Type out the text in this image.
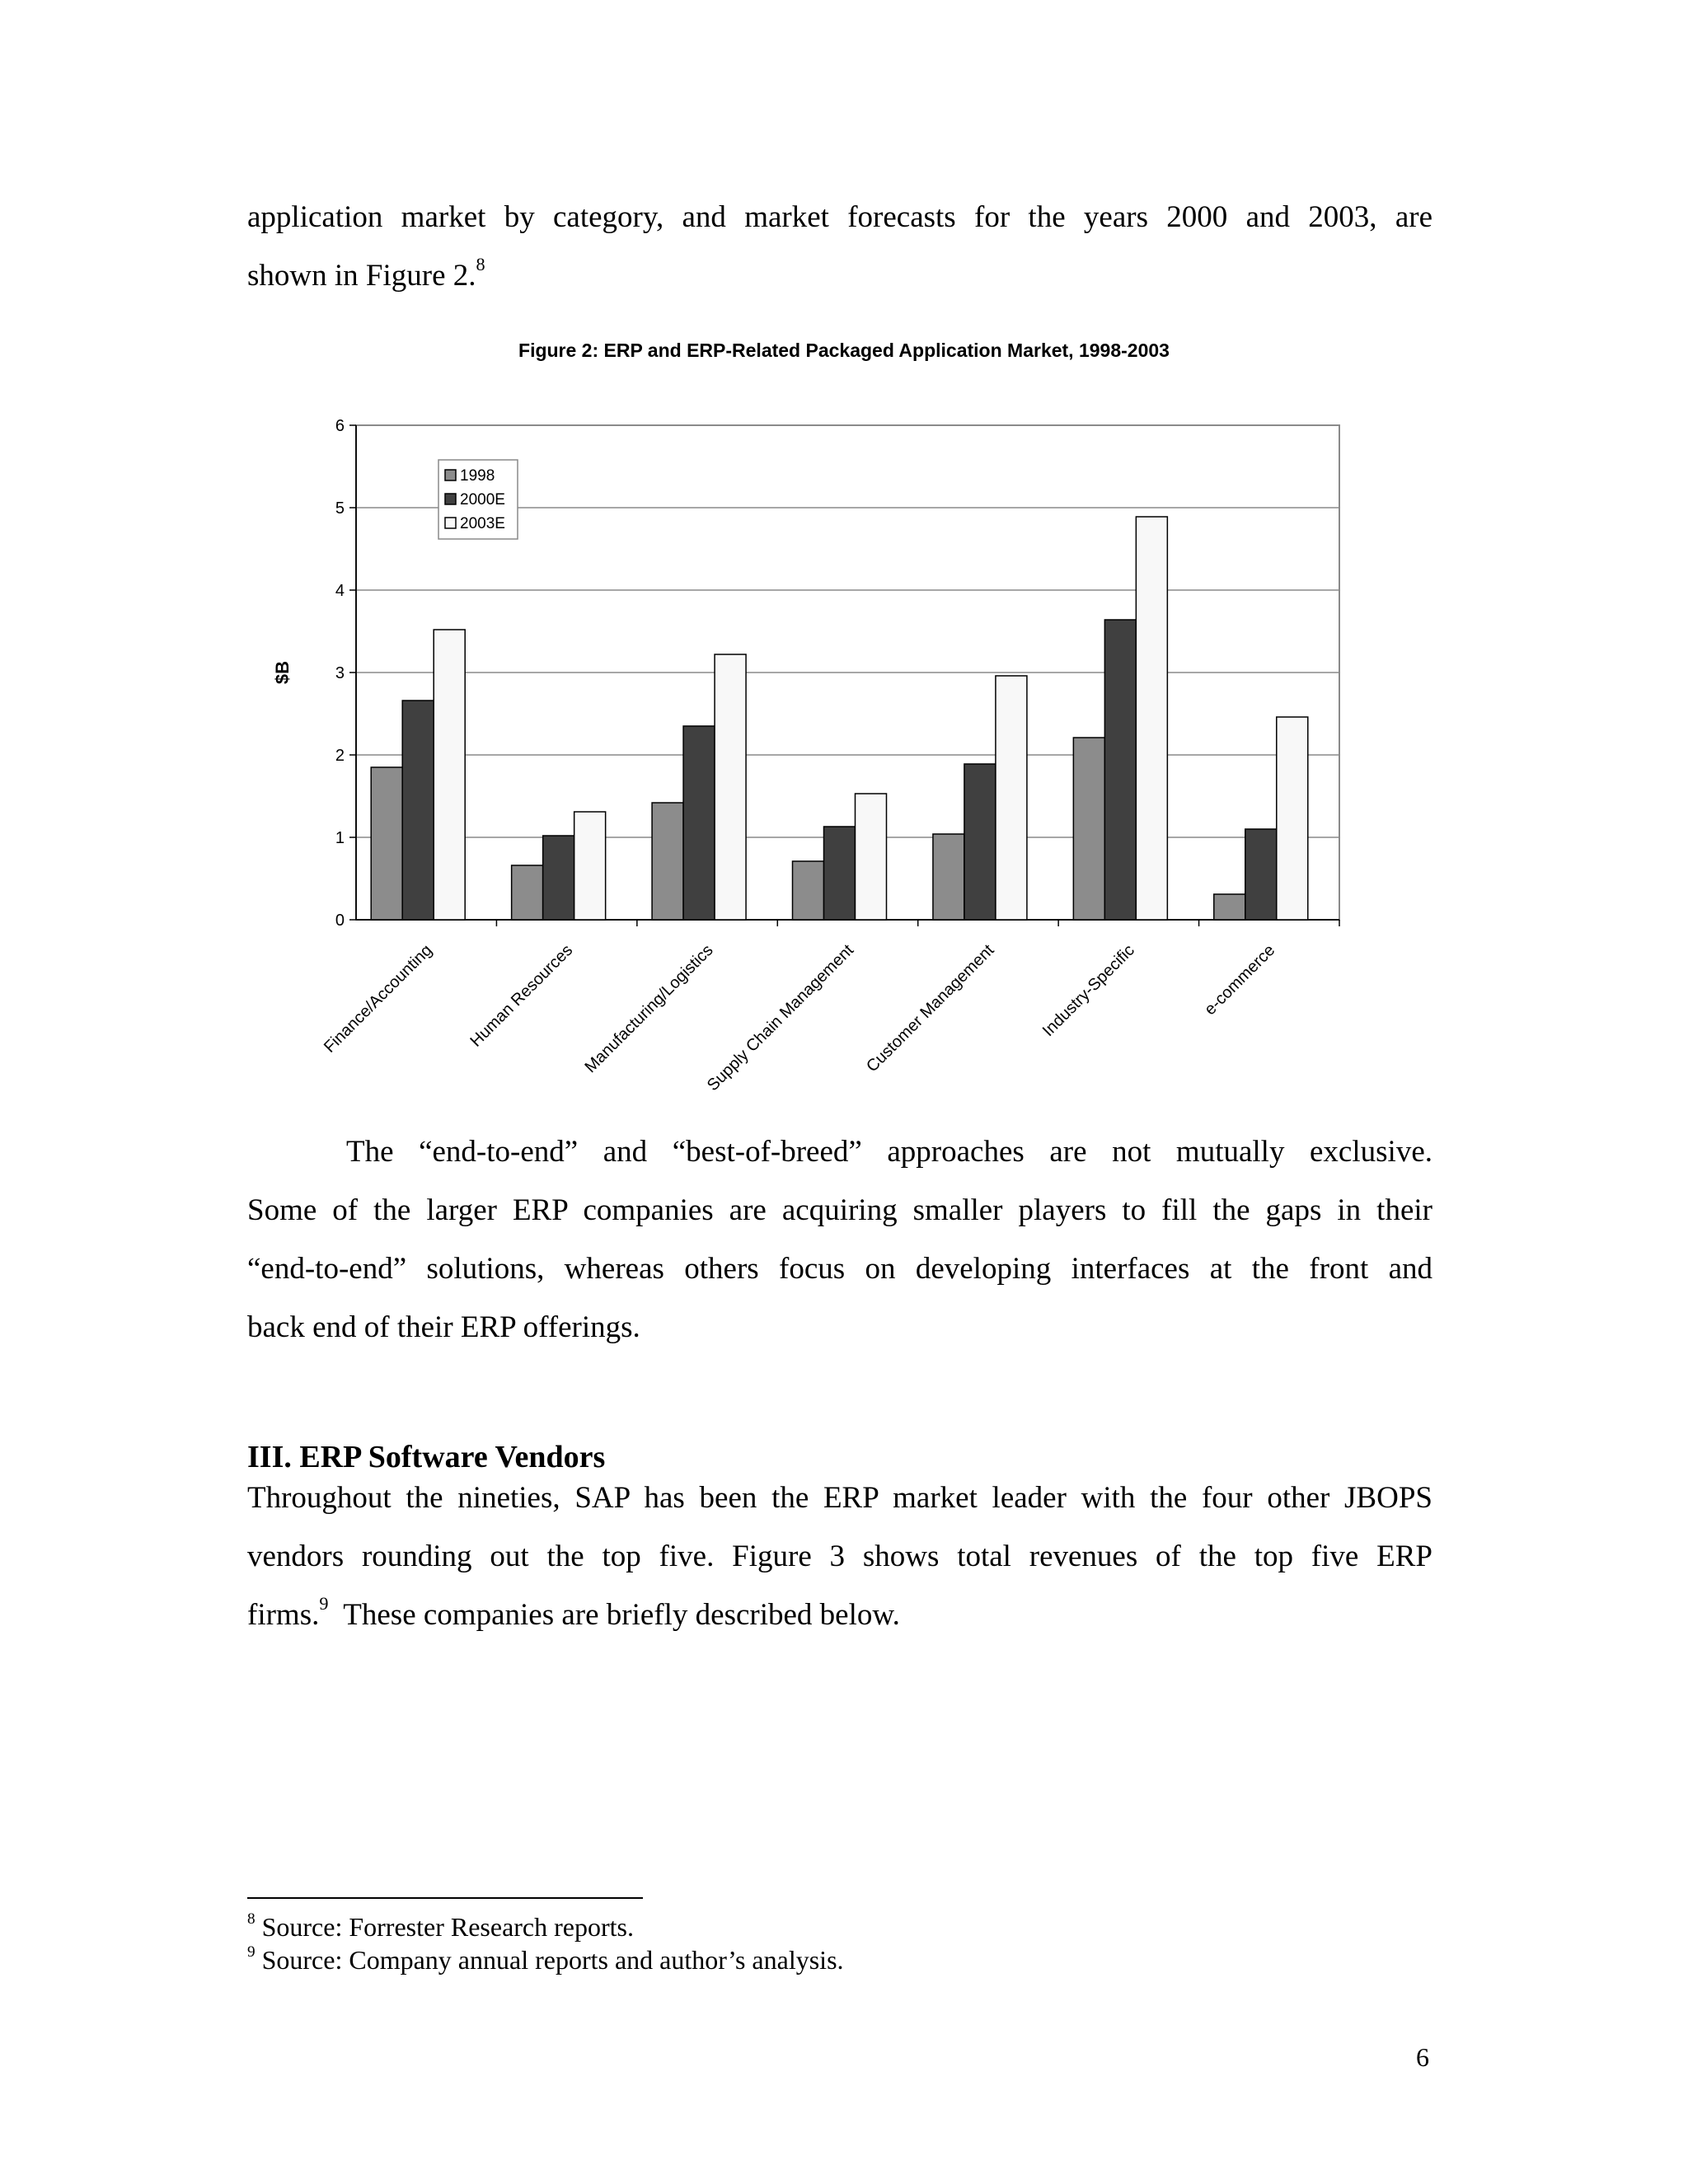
application market by category, and market forecasts for the years 2000 and 2003, are
shown in Figure 2.$^8$

Figure 2: ERP and ERP-Related Packaged Application Market, 1998-2003

0
1
2
3
4
5
6
$B
Finance/Accounting Human Resources Manufacturing/Logistics
Supply Chain Management Customer Management	Industry-Specific	e-commerce
1998
2000E
2003E

The “end-to-end” and “best-of-breed” approaches are not mutually exclusive.
Some of the larger ERP companies are acquiring smaller players to fill the gaps in their
“end-to-end” solutions, whereas others focus on developing interfaces at the front and
back end of their ERP offerings.

III. ERP Software Vendors

Throughout the nineties, SAP has been the ERP market leader with the four other JBOPS
vendors rounding out the top five. Figure 3 shows total revenues of the top five ERP
firms.$^9$  These companies are briefly described below.

$^8$ Source: Forrester Research reports.

$^9$ Source: Company annual reports and author’s analysis.

6
